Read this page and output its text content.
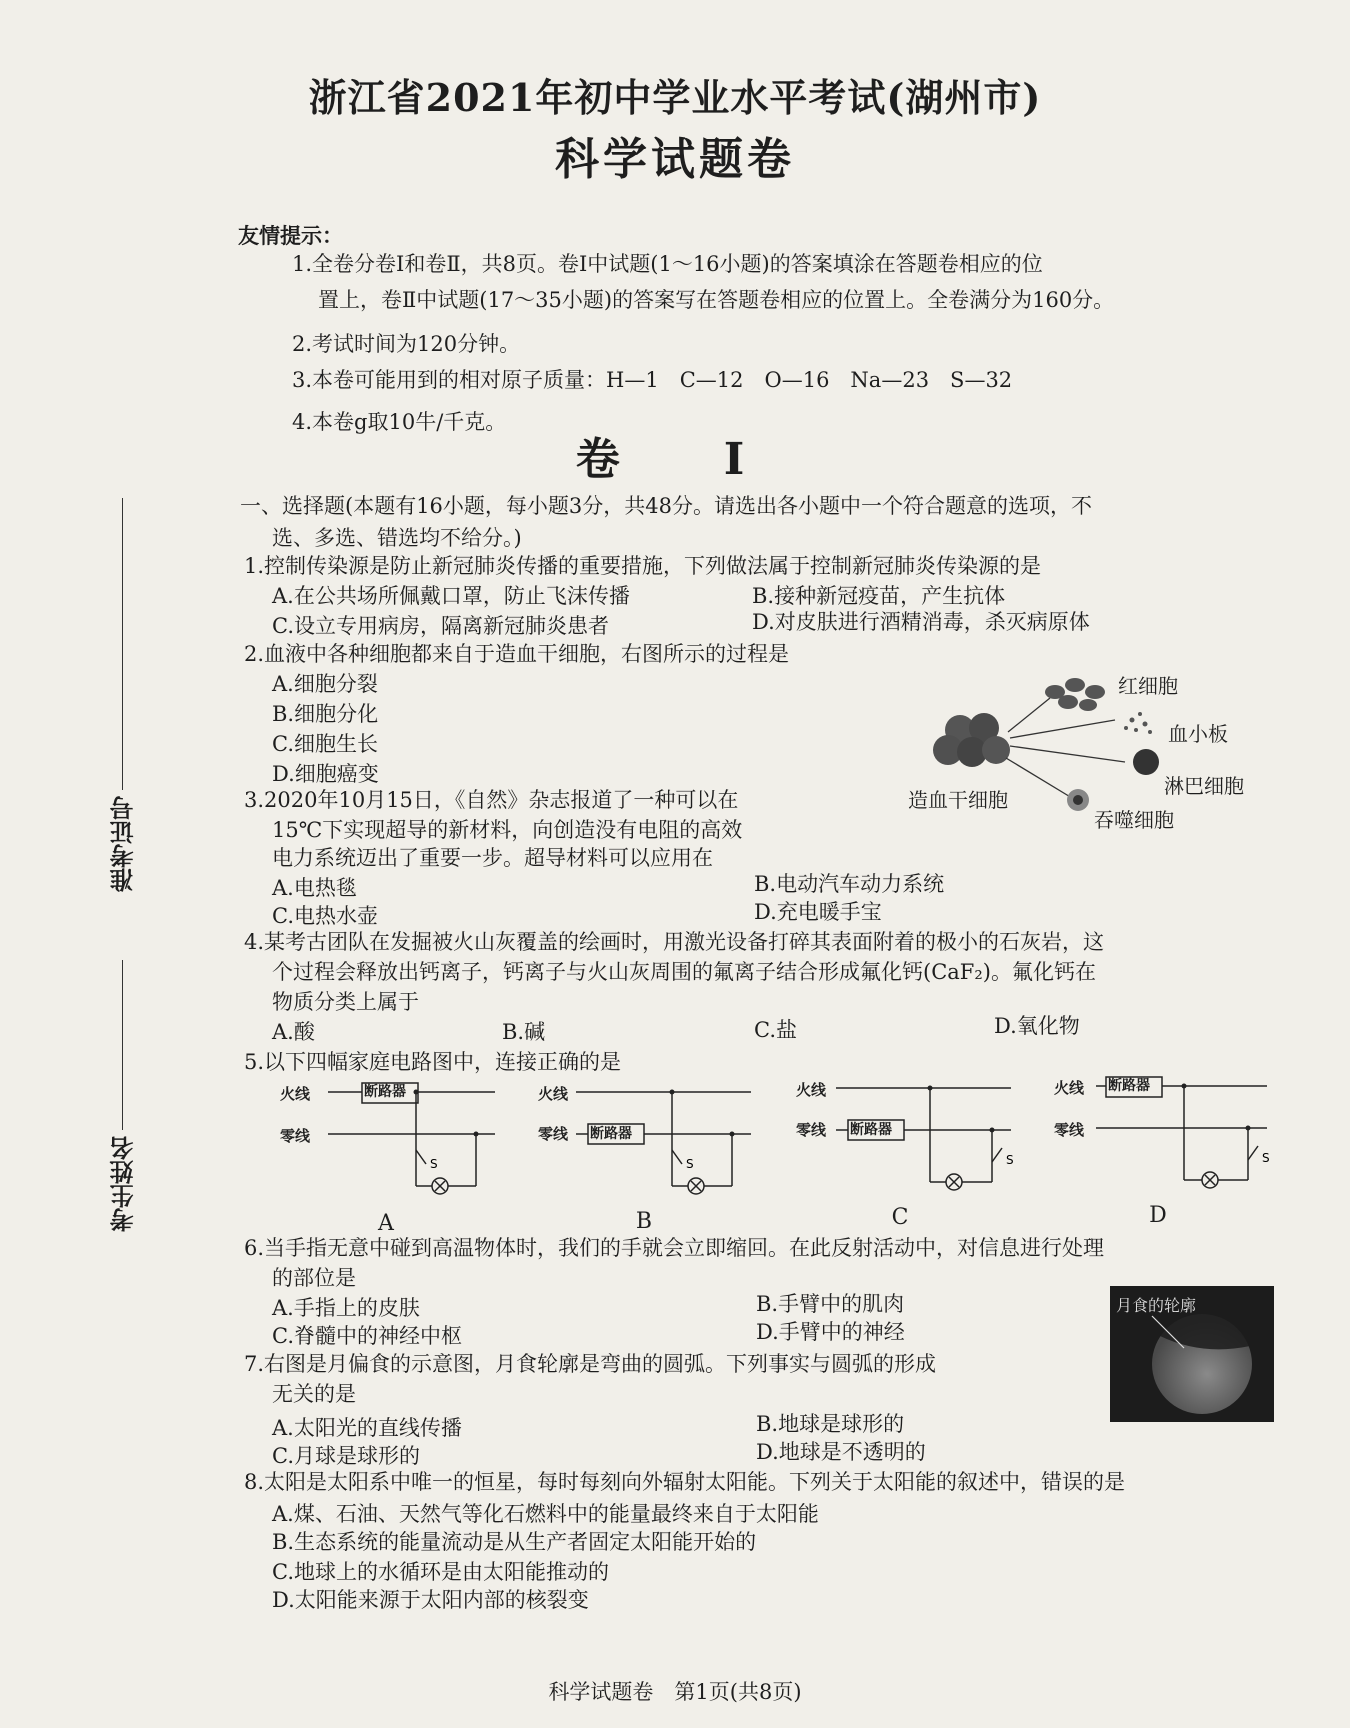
浙江省2021年初中学业水平考试(湖州市)
科学试题卷
友情提示：
1.全卷分卷Ⅰ和卷Ⅱ，共8页。卷Ⅰ中试题(1～16小题)的答案填涂在答题卷相应的位
置上，卷Ⅱ中试题(17～35小题)的答案写在答题卷相应的位置上。全卷满分为160分。
2.考试时间为120分钟。
3.本卷可能用到的相对原子质量：H—1　C—12　O—16　Na—23　S—32
4.本卷g取10牛/千克。
卷　Ⅰ
一、选择题(本题有16小题，每小题3分，共48分。请选出各小题中一个符合题意的选项，不
选、多选、错选均不给分。)
准考证号
考生姓名
1.控制传染源是防止新冠肺炎传播的重要措施，下列做法属于控制新冠肺炎传染源的是
A.在公共场所佩戴口罩，防止飞沫传播	B.接种新冠疫苗，产生抗体
C.设立专用病房，隔离新冠肺炎患者	D.对皮肤进行酒精消毒，杀灭病原体
2.血液中各种细胞都来自于造血干细胞，右图所示的过程是
A.细胞分裂
B.细胞分化
C.细胞生长
D.细胞癌变
红细胞
血小板
淋巴细胞
造血干细胞
吞噬细胞
3.2020年10月15日，《自然》杂志报道了一种可以在
15℃下实现超导的新材料，向创造没有电阻的高效
电力系统迈出了重要一步。超导材料可以应用在
A.电热毯	B.电动汽车动力系统
C.电热水壶	D.充电暖手宝
4.某考古团队在发掘被火山灰覆盖的绘画时，用激光设备打碎其表面附着的极小的石灰岩，这
个过程会释放出钙离子，钙离子与火山灰周围的氟离子结合形成氟化钙(CaF₂)。氟化钙在
物质分类上属于
A.酸	B.碱	C.盐	D.氧化物
5.以下四幅家庭电路图中，连接正确的是
S
火线	断路器
零线
S
火线
零线 断路器
S
火线
零线 断路器
S
火线 断路器
零线
A	B	C	D
6.当手指无意中碰到高温物体时，我们的手就会立即缩回。在此反射活动中，对信息进行处理
的部位是
A.手指上的皮肤	B.手臂中的肌肉
C.脊髓中的神经中枢	D.手臂中的神经
月食的轮廓
7.右图是月偏食的示意图，月食轮廓是弯曲的圆弧。下列事实与圆弧的形成
无关的是
A.太阳光的直线传播	B.地球是球形的
C.月球是球形的	D.地球是不透明的
8.太阳是太阳系中唯一的恒星，每时每刻向外辐射太阳能。下列关于太阳能的叙述中，错误的是
A.煤、石油、天然气等化石燃料中的能量最终来自于太阳能
B.生态系统的能量流动是从生产者固定太阳能开始的
C.地球上的水循环是由太阳能推动的
D.太阳能来源于太阳内部的核裂变
科学试题卷　第1页(共8页)
